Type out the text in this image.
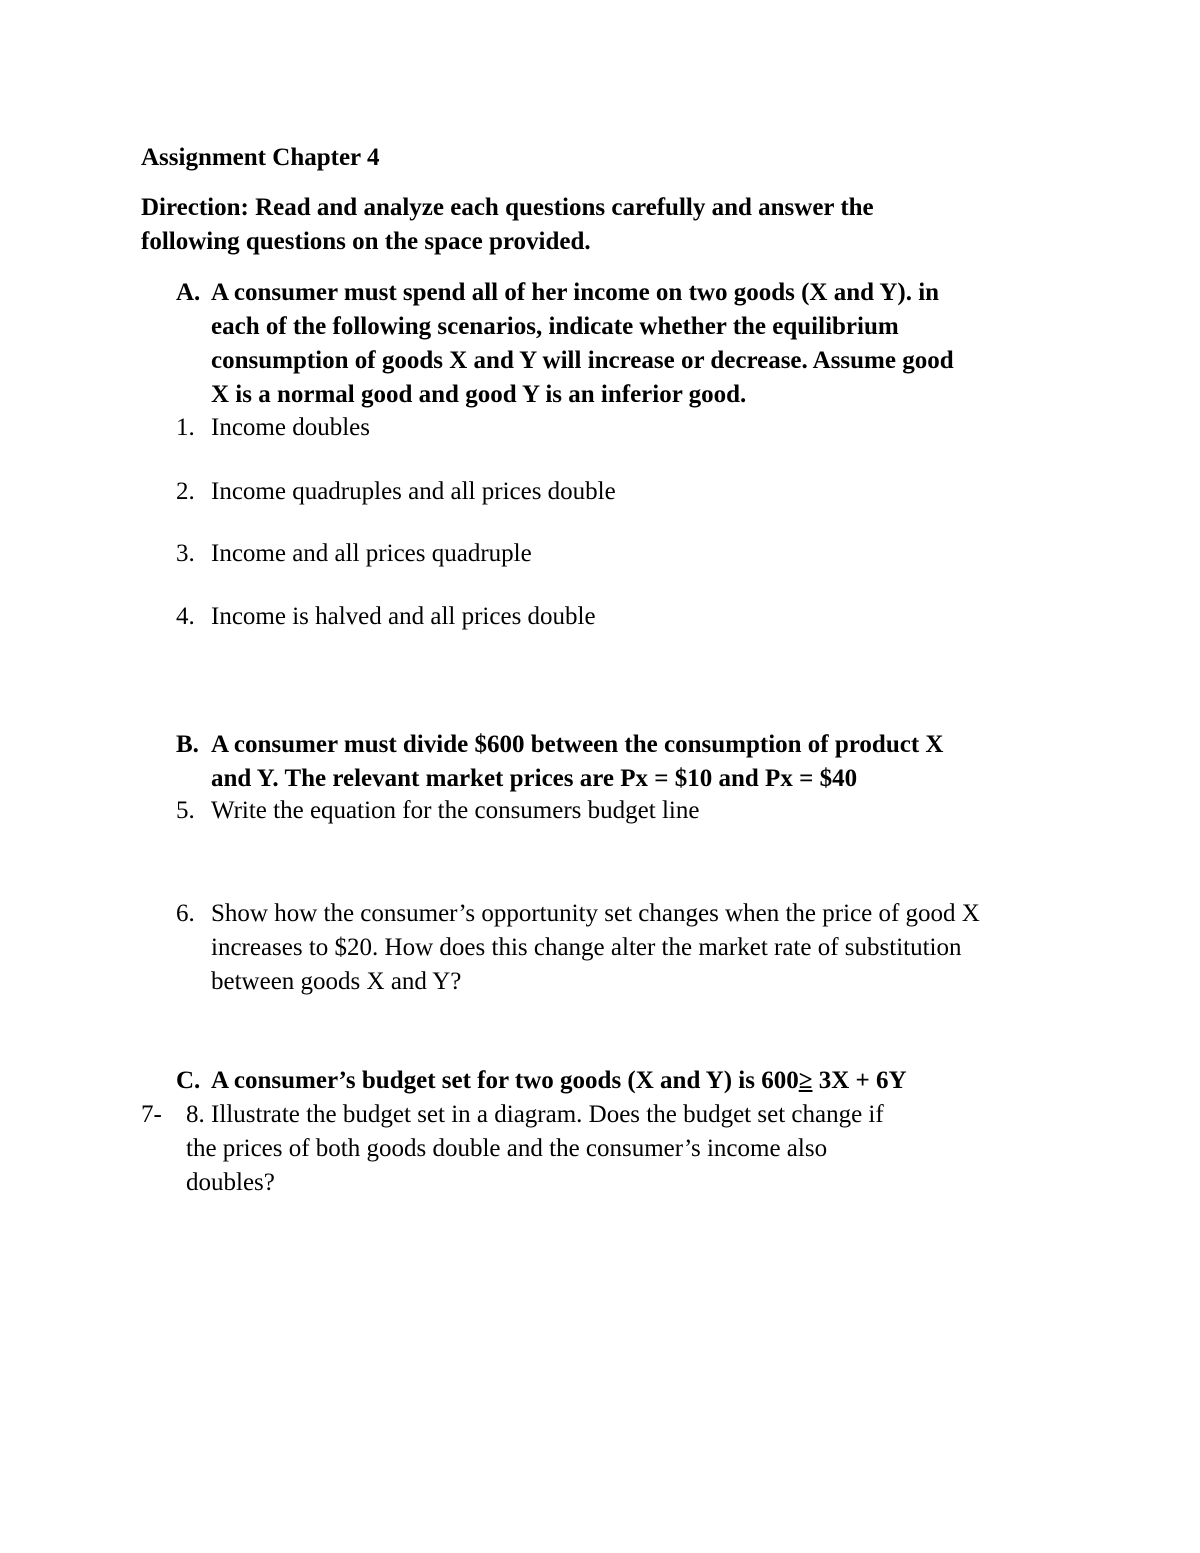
Assignment Chapter 4
Direction: Read and analyze each questions carefully and answer the
following questions on the space provided.
A. A consumer must spend all of her income on two goods (X and Y). in
each of the following scenarios, indicate whether the equilibrium
consumption of goods X and Y will increase or decrease. Assume good
X is a normal good and good Y is an inferior good.
1. Income doubles
2. Income quadruples and all prices double
3. Income and all prices quadruple
4. Income is halved and all prices double
B. A consumer must divide $600 between the consumption of product X
and Y. The relevant market prices are Px = $10 and Px = $40
5. Write the equation for the consumers budget line
6. Show how the consumer’s opportunity set changes when the price of good X
increases to $20. How does this change alter the market rate of substitution
between goods X and Y?
C. A consumer’s budget set for two goods (X and Y) is 600≥ 3X + 6Y
7- 8. Illustrate the budget set in a diagram. Does the budget set change if
the prices of both goods double and the consumer’s income also
doubles?
